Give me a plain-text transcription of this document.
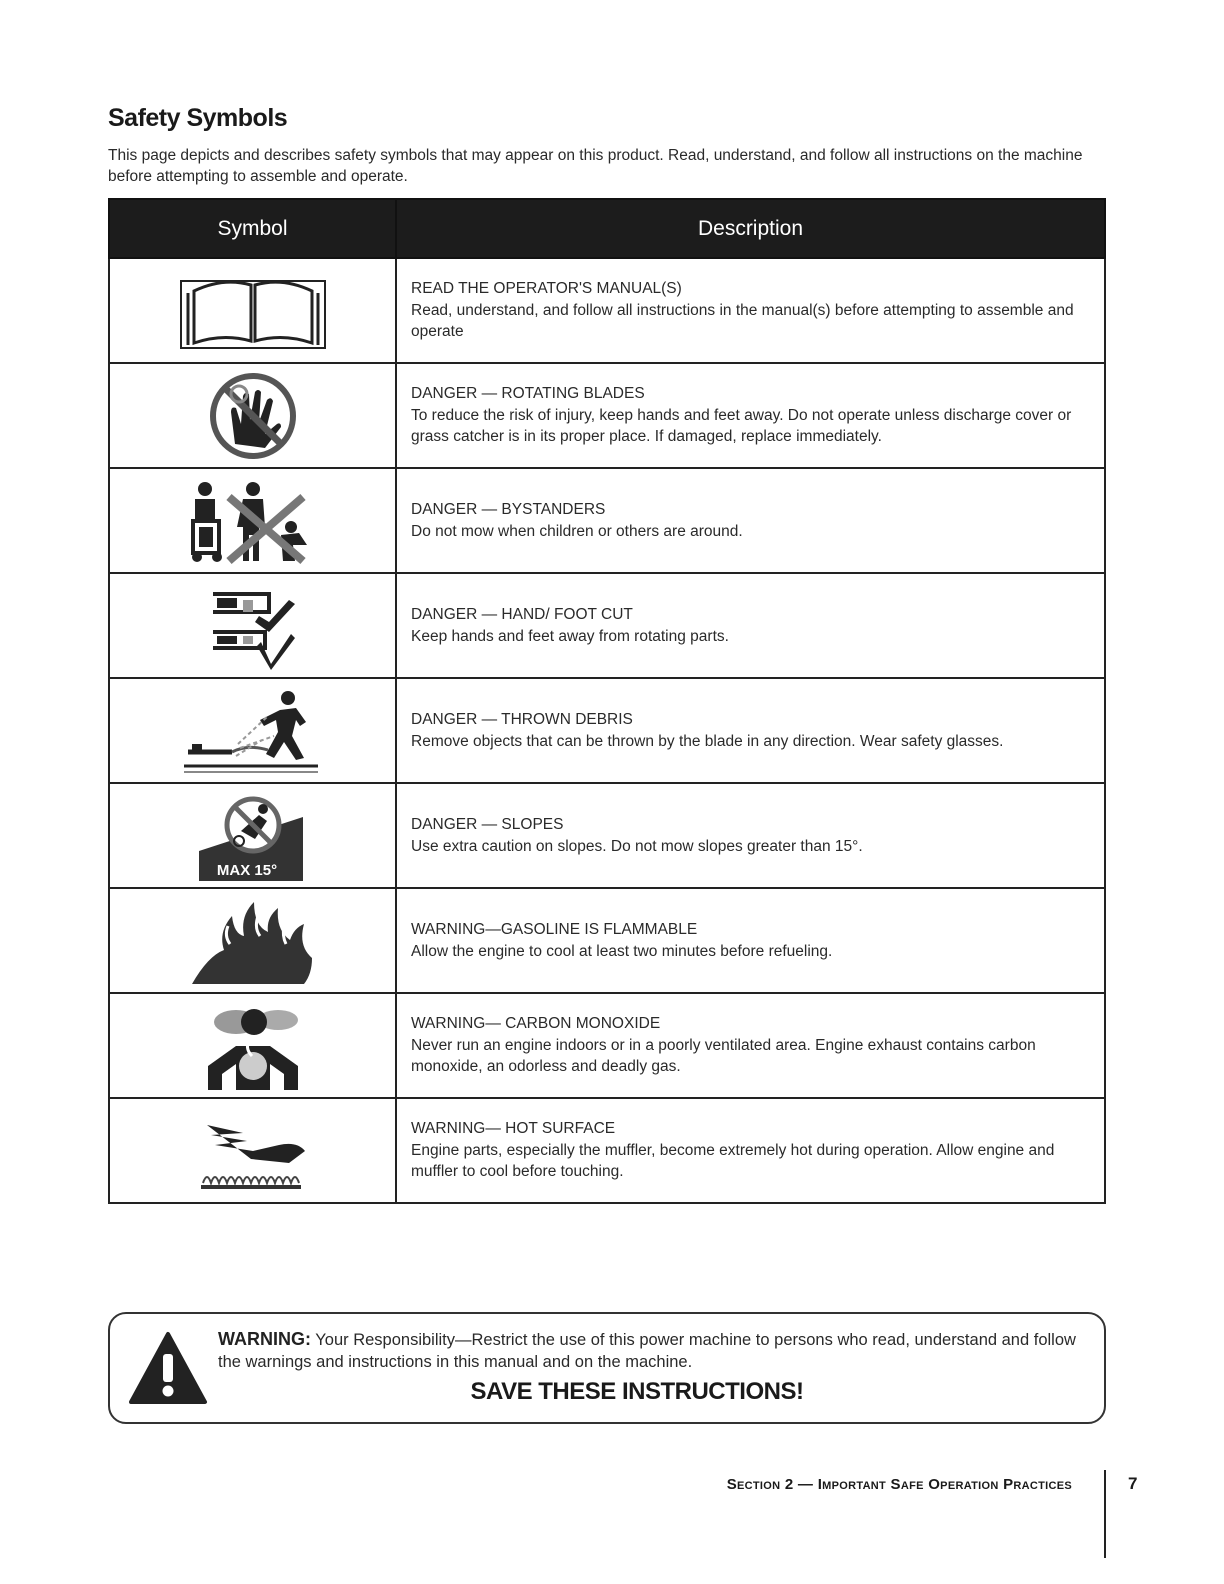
Safety Symbols
This page depicts and describes safety symbols that may appear on this product. Read, understand, and follow all instructions on the machine before attempting to assemble and operate.
Symbol	Description

READ THE OPERATOR'S MANUAL(S)
Read, understand, and follow all instructions in the manual(s) before attempting to assemble and operate

DANGER — ROTATING BLADES
To reduce the risk of injury, keep hands and feet away. Do not operate unless discharge cover or grass catcher is in its proper place. If damaged, replace immediately.

DANGER — BYSTANDERS
Do not mow when children or others are around.

DANGER — HAND/ FOOT CUT
Keep hands and feet away from rotating parts.

DANGER — THROWN DEBRIS
Remove objects that can be thrown by the blade in any direction. Wear safety glasses.

MAX 15°	DANGER — SLOPES
Use extra caution on slopes. Do not mow slopes greater than 15°.

WARNING—GASOLINE IS FLAMMABLE
Allow the engine to cool at least two minutes before refueling.

WARNING— CARBON MONOXIDE
Never run an engine indoors or in a poorly ventilated area. Engine exhaust contains carbon monoxide, an odorless and deadly gas.

WARNING— HOT SURFACE
Engine parts, especially the muffler, become extremely hot during operation. Allow engine and muffler to cool before touching.
WARNING: Your Responsibility—Restrict the use of this power machine to persons who read, understand and follow the warnings and instructions in this manual and on the machine.
SAVE THESE INSTRUCTIONS!
Section 2 — Important Safe Operation Practices	7
